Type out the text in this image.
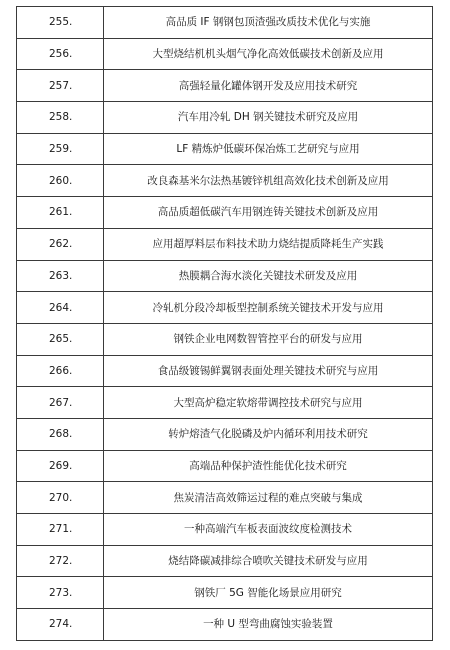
255.	高品质 IF 钢钢包顶渣强改质技术优化与实施
256.	大型烧结机机头烟气净化高效低碳技术创新及应用
257.	高强轻量化罐体钢开发及应用技术研究
258.	汽车用冷轧 DH 钢关键技术研究及应用
259.	LF 精炼炉低碳环保冶炼工艺研究与应用
260.	改良森基米尔法热基镀锌机组高效化技术创新及应用
261.	高品质超低碳汽车用钢连铸关键技术创新及应用
262.	应用超厚料层布料技术助力烧结提质降耗生产实践
263.	热膜耦合海水淡化关键技术研发及应用
264.	冷轧机分段冷却板型控制系统关键技术开发与应用
265.	钢铁企业电网数智管控平台的研发与应用
266.	食品级镀锡鲜翼钢表面处理关键技术研究与应用
267.	大型高炉稳定软熔带调控技术研究与应用
268.	转炉熔渣气化脱磷及炉内循环利用技术研究
269.	高端品种保护渣性能优化技术研究
270.	焦炭清洁高效筛运过程的难点突破与集成
271.	一种高端汽车板表面波纹度检测技术
272.	烧结降碳减排综合喷吹关键技术研发与应用
273.	钢铁厂 5G 智能化场景应用研究
274.	一种 U 型弯曲腐蚀实验装置
